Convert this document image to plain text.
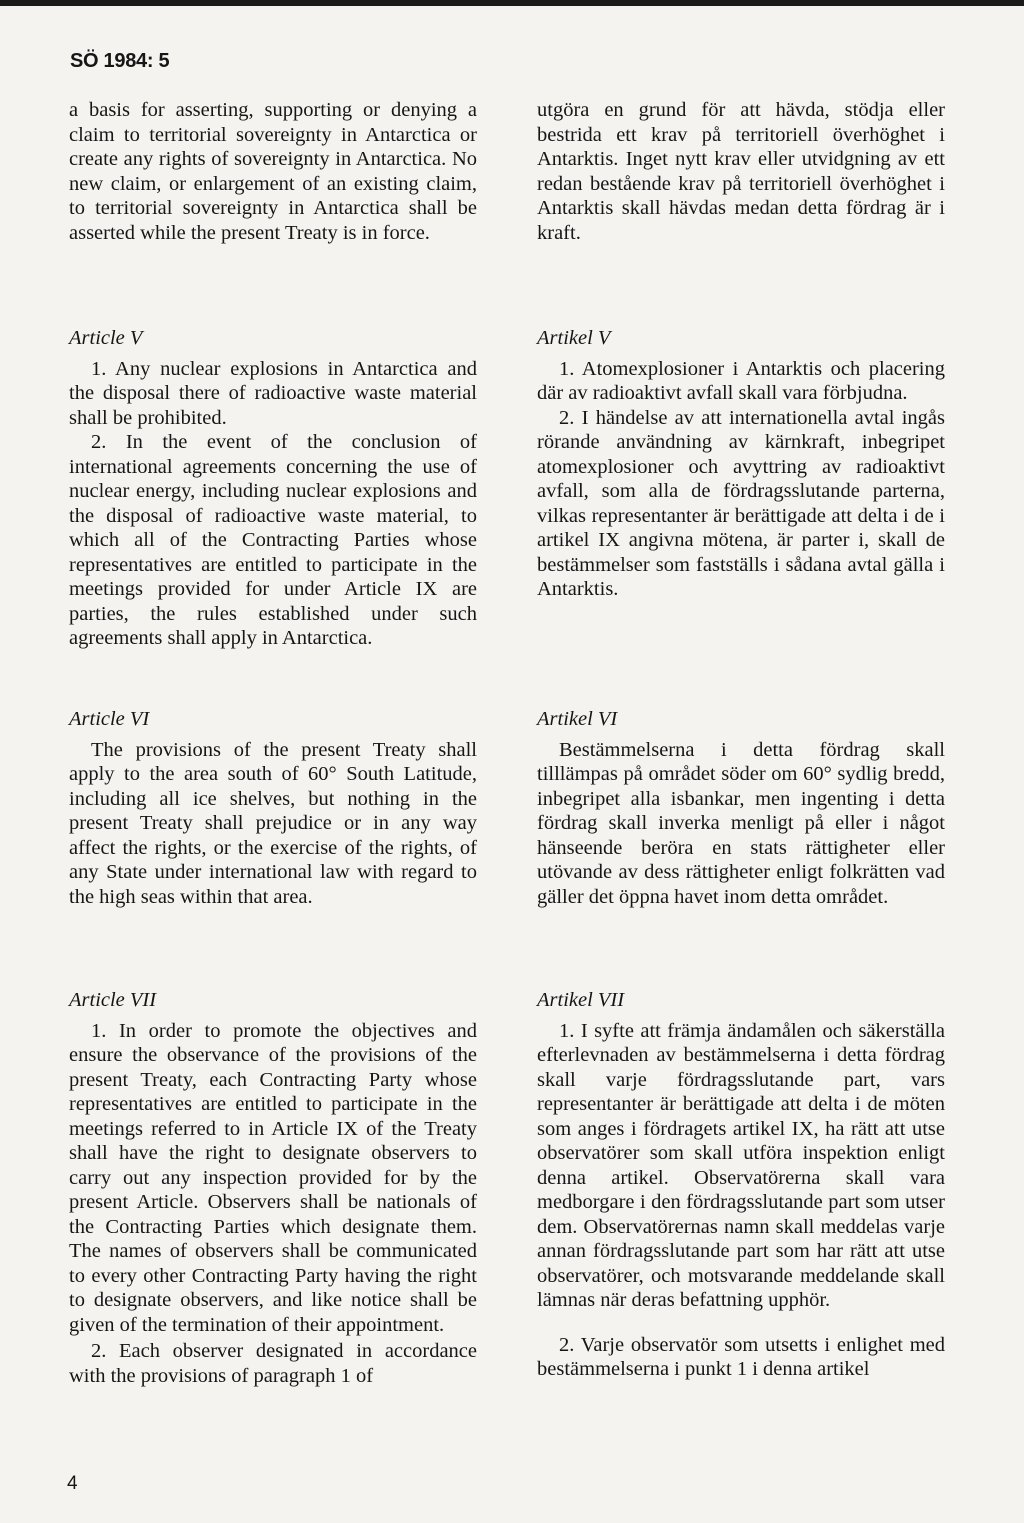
SÖ 1984: 5

a basis for asserting, supporting or denying a claim to territorial sovereignty in Antarctica or create any rights of sovereignty in Antarctica. No new claim, or enlargement of an existing claim, to territorial sovereignty in Antarctica shall be asserted while the present Treaty is in force.

utgöra en grund för att hävda, stödja eller bestrida ett krav på territoriell överhöghet i Antarktis. Inget nytt krav eller utvidgning av ett redan bestående krav på territoriell överhöghet i Antarktis skall hävdas medan detta fördrag är i kraft.

Article V

1. Any nuclear explosions in Antarctica and the disposal there of radioactive waste material shall be prohibited.

2. In the event of the conclusion of international agreements concerning the use of nuclear energy, including nuclear explosions and the disposal of radioactive waste material, to which all of the Contracting Parties whose representatives are entitled to participate in the meetings provided for under Article IX are parties, the rules established under such agreements shall apply in Antarctica.

Artikel V

1. Atomexplosioner i Antarktis och placering där av radioaktivt avfall skall vara förbjudna.

2. I händelse av att internationella avtal ingås rörande användning av kärnkraft, inbegripet atomexplosioner och avyttring av radioaktivt avfall, som alla de fördragsslutande parterna, vilkas representanter är berättigade att delta i de i artikel IX angivna mötena, är parter i, skall de bestämmelser som fastställs i sådana avtal gälla i Antarktis.

Article VI

The provisions of the present Treaty shall apply to the area south of 60° South Latitude, including all ice shelves, but nothing in the present Treaty shall prejudice or in any way affect the rights, or the exercise of the rights, of any State under international law with regard to the high seas within that area.

Artikel VI

Bestämmelserna i detta fördrag skall tilllämpas på området söder om 60° sydlig bredd, inbegripet alla isbankar, men ingenting i detta fördrag skall inverka menligt på eller i något hänseende beröra en stats rättigheter eller utövande av dess rättigheter enligt folkrätten vad gäller det öppna havet inom detta området.

Article VII

1. In order to promote the objectives and ensure the observance of the provisions of the present Treaty, each Contracting Party whose representatives are entitled to participate in the meetings referred to in Article IX of the Treaty shall have the right to designate observers to carry out any inspection provided for by the present Article. Observers shall be nationals of the Contracting Parties which designate them. The names of observers shall be communicated to every other Contracting Party having the right to designate observers, and like notice shall be given of the termination of their appointment.

2. Each observer designated in accordance with the provisions of paragraph 1 of

Artikel VII

1. I syfte att främja ändamålen och säkerställa efterlevnaden av bestämmelserna i detta fördrag skall varje fördragsslutande part, vars representanter är berättigade att delta i de möten som anges i fördragets artikel IX, ha rätt att utse observatörer som skall utföra inspektion enligt denna artikel. Observatörerna skall vara medborgare i den fördragsslutande part som utser dem. Observatörernas namn skall meddelas varje annan fördragsslutande part som har rätt att utse observatörer, och motsvarande meddelande skall lämnas när deras befattning upphör.

2. Varje observatör som utsetts i enlighet med bestämmelserna i punkt 1 i denna artikel

4
